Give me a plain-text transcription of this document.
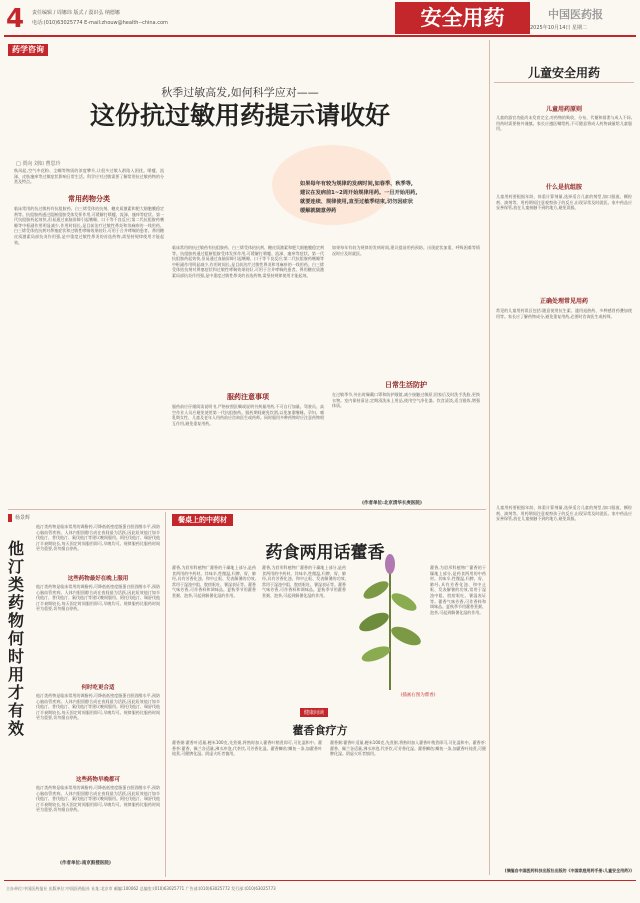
4 责任编辑 / 周娜玮 版式 / 漠识弘 纳德娜
电话:(010)63025774 E-mail:zhouw@health--china.com	安全用药	中国医药报
2025年10月14日 星期二
药学咨询
秋季过敏高发,如何科学应对——
这份抗过敏用药提示请收好
□ 贾向 刘如 曹思玲
如果每年有较为规律的发病时间,如春季、秋季等,建议在发病前1~2周开始规律用药。一旦开始用药,就要连续、规律使用,直至过敏季结束,切勿因症状缓解就随意停药
秋风起,空气中花粉、尘螨等物质的浓度攀升,让很多过敏人群陷入困扰。喷嚏、流涕、皮肤瘙痒等过敏症状影响日常生活。科学应对过敏需要了解常用抗过敏药物的分类及特点。
常用药物分类
临床常用的抗过敏药有抗组胺药、白三烯受体拮抗剂、糖皮质激素和肥大细胞膜稳定剂等。抗组胺药通过阻断组胺受体发挥作用,可缓解打喷嚏、流涕、瘙痒等症状。第一代抗组胺药起效快,但易通过血脑屏障引起嗜睡、口干等不良反应;第二代抗组胺药嗜睡等中枢副作用明显减少,作用时间长,是目前治疗过敏性鼻炎和荨麻疹的一线用药。白三烯受体拮抗剂对鼻塞症状和过敏性哮喘效果较好,可用于合并哮喘的患者。鼻用糖皮质激素局部抗炎作用强,是中重度过敏性鼻炎的首选药物,需坚持规律使用才能起效。
临床常用的抗过敏药有抗组胺药、白三烯受体拮抗剂、糖皮质激素和肥大细胞膜稳定剂等。抗组胺药通过阻断组胺受体发挥作用,可缓解打喷嚏、流涕、瘙痒等症状。第一代抗组胺药起效快,但易通过血脑屏障引起嗜睡、口干等不良反应;第二代抗组胺药嗜睡等中枢副作用明显减少,作用时间长,是目前治疗过敏性鼻炎和荨麻疹的一线用药。白三烯受体拮抗剂对鼻塞症状和过敏性哮喘效果较好,可用于合并哮喘的患者。鼻用糖皮质激素局部抗炎作用强,是中重度过敏性鼻炎的首选药物,需坚持规律使用才能起效。
服药注意事项
服药前应仔细阅读说明书,严格按照医嘱或说明书剂量用药,不可自行加量。驾驶员、高空作业人员应避免使用第一代抗组胺药。服药期间避免饮酒,以免加重嗜睡。孕妇、哺乳期女性、儿童及老年人用药前应咨询医生或药师。同时服用多种药物时应注意药物相互作用,避免重复用药。
如果每年有较为规律的发病时间,建议提前用药预防。出现症状加重、呼吸困难等情况时应及时就医。
日常生活防护
在过敏季节,外出时佩戴口罩和防护眼镜,减少接触过敏原;回家后及时洗手洗脸,更换衣物。室内保持清洁,定期清洗床上用品,使用空气净化器。饮食清淡,适当锻炼,增强体质。
(作者单位:北京清华长庚医院)
杨景辉
他汀类药物何时用才有效
他汀类药物是临床常用的调脂药,可降低低密度脂蛋白胆固醇水平,预防心脑血管疾病。人体内胆固醇合成在夜间最为活跃,因此短效他汀如辛伐他汀、普伐他汀、氟伐他汀等建议晚间服用。阿托伐他汀、瑞舒伐他汀半衰期较长,每天固定时间服用即可,早晚均可。规律服药比服药时间更为重要,切勿擅自停药。
这些药物最好在晚上服用
他汀类药物是临床常用的调脂药,可降低低密度脂蛋白胆固醇水平,预防心脑血管疾病。人体内胆固醇合成在夜间最为活跃,因此短效他汀如辛伐他汀、普伐他汀、氟伐他汀等建议晚间服用。阿托伐他汀、瑞舒伐他汀半衰期较长,每天固定时间服用即可,早晚均可。规律服药比服药时间更为重要,切勿擅自停药。
何时吃更合适
他汀类药物是临床常用的调脂药,可降低低密度脂蛋白胆固醇水平,预防心脑血管疾病。人体内胆固醇合成在夜间最为活跃,因此短效他汀如辛伐他汀、普伐他汀、氟伐他汀等建议晚间服用。阿托伐他汀、瑞舒伐他汀半衰期较长,每天固定时间服用即可,早晚均可。规律服药比服药时间更为重要,切勿擅自停药。
这些药物早晚都可
他汀类药物是临床常用的调脂药,可降低低密度脂蛋白胆固醇水平,预防心脑血管疾病。人体内胆固醇合成在夜间最为活跃,因此短效他汀如辛伐他汀、普伐他汀、氟伐他汀等建议晚间服用。阿托伐他汀、瑞舒伐他汀半衰期较长,每天固定时间服用即可,早晚均可。规律服药比服药时间更为重要,切勿擅自停药。
(作者单位:南京鼓楼医院)
餐桌上的中药材
药食两用话藿香
藿香,为唇形科植物广藿香的干燥地上部分,是药食两用的中药材。其味辛,性微温,归脾、胃、肺经,具有芳香化浊、和中止呕、发表解暑的功效,常用于湿浊中阻、脘痞呕吐、暑湿表证等。藿香气味芳香,可作香料和调味品。夏秋季节用藿香煮粥、泡茶,可起到解暑化湿的作用。
藿香,为唇形科植物广藿香的干燥地上部分,是药食两用的中药材。其味辛,性微温,归脾、胃、肺经,具有芳香化浊、和中止呕、发表解暑的功效,常用于湿浊中阻、脘痞呕吐、暑湿表证等。藿香气味芳香,可作香料和调味品。夏秋季节用藿香煮粥、泡茶,可起到解暑化湿的作用。
藿香,为唇形科植物广藿香的干燥地上部分,是药食两用的中药材。其味辛,性微温,归脾、胃、肺经,具有芳香化浊、和中止呕、发表解暑的功效,常用于湿浊中阻、脘痞呕吐、暑湿表证等。藿香气味芳香,可作香料和调味品。夏秋季节用藿香煮粥、泡茶,可起到解暑化湿的作用。
(插画右图为藿香)
健康间读
藿香食疗方
藿香粥:藿香叶适量,粳米100克,先煮粥,将熟时加入藿香叶稍煮即可,可化湿和中。藿香茶:藿香、佩兰各适量,沸水冲泡,代茶饮,可芳香化湿。藿香鲫鱼:鲫鱼一条,加藿香叶炖煮,可健脾化湿。阴虚火旺者慎用。
藿香粥:藿香叶适量,粳米100克,先煮粥,将熟时加入藿香叶稍煮即可,可化湿和中。藿香茶:藿香、佩兰各适量,沸水冲泡,代茶饮,可芳香化湿。藿香鲫鱼:鲫鱼一条,加藿香叶炖煮,可健脾化湿。阴虚火旺者慎用。
儿童安全用药
儿童用药原则
儿童的器官功能尚未发育完全,对药物的吸收、分布、代谢和排泄与成人不同,用药时需要格外谨慎。家长应遵医嘱给药,不可随意将成人药物减量给儿童服用。
什么是抗组胺
儿童用药要根据年龄、体重计算剂量,选择适合儿童的剂型,如口服液、颗粒剂、滴剂等。用药期间注意观察孩子的反应,出现异常及时就医。家中药品应妥善保管,放在儿童接触不到的地方,避免误服。
正确处理常见用药
常见的儿童用药误区包括:随意使用抗生素、滥用退热药、多种感冒药叠加使用等。家长应了解药物成分,避免重复用药,必要时咨询医生或药师。
儿童用药要根据年龄、体重计算剂量,选择适合儿童的剂型,如口服液、颗粒剂、滴剂等。用药期间注意观察孩子的反应,出现异常及时就医。家中药品应妥善保管,放在儿童接触不到的地方,避免误服。
(摘编自中国医药科技出版社出版的《中国家庭用药手册:儿童安全用药》)
主办单位:中国医药报社 出版单位:中国医药报社 社址:北京市 邮编:100062 总编室:(010)63025771 广告部:(010)63025772 发行部:(010)63025773
